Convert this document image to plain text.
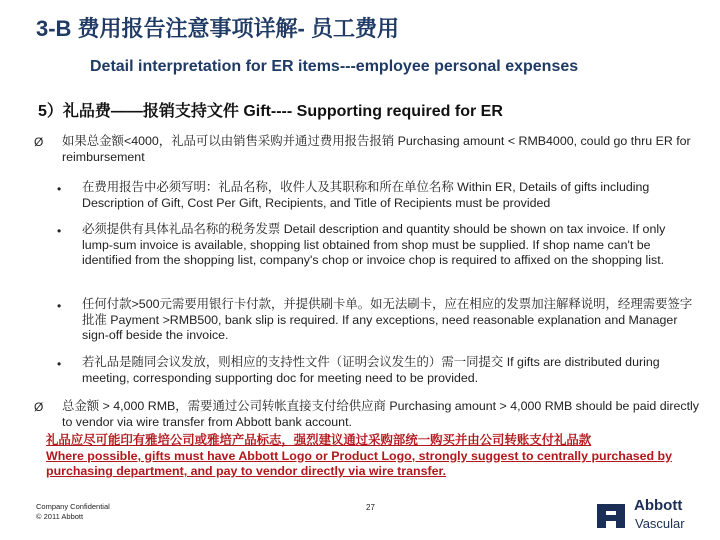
3-B 费用报告注意事项详解- 员工费用
Detail interpretation for ER items---employee personal expenses
5）礼品费——报销支持文件 Gift---- Supporting required for ER
Ø 如果总金额<4000，礼品可以由销售采购并通过费用报告报销 Purchasing amount < RMB4000, could go thru ER for reimbursement
• 在费用报告中必须写明：礼品名称，收件人及其职称和所在单位名称 Within ER, Details of gifts including Description of Gift, Cost Per Gift, Recipients, and Title of Recipients must be provided
• 必须提供有具体礼品名称的税务发票 Detail description and quantity should be shown on tax invoice. If only lump-sum invoice is available, shopping list obtained from shop must be supplied. If shop name can't be identified from the shopping list, company's chop or invoice chop is required to affixed on the shopping list.
• 任何付款>500元需要用银行卡付款，并提供刷卡单。如无法刷卡，应在相应的发票加注解释说明，经理需要签字批准 Payment >RMB500, bank slip is required. If any exceptions, need reasonable explanation and Manager sign-off beside the invoice.
• 若礼品是随同会议发放，则相应的支持性文件（证明会议发生的）需一同提交 If gifts are distributed during meeting, corresponding supporting doc for meeting need to be provided.
Ø 总金额 > 4,000 RMB，需要通过公司转帐直接支付给供应商 Purchasing amount > 4,000 RMB should be paid directly to vendor via wire transfer from Abbott bank account.
礼品应尽可能印有雅培公司或雅培产品标志，强烈建议通过采购部统一购买并由公司转账支付礼品款
Where possible, gifts must have Abbott Logo or Product Logo, strongly suggest to centrally purchased by purchasing department, and pay to vendor directly via wire transfer.
Company Confidential
© 2011 Abbott
27	Abbott
Vascular
